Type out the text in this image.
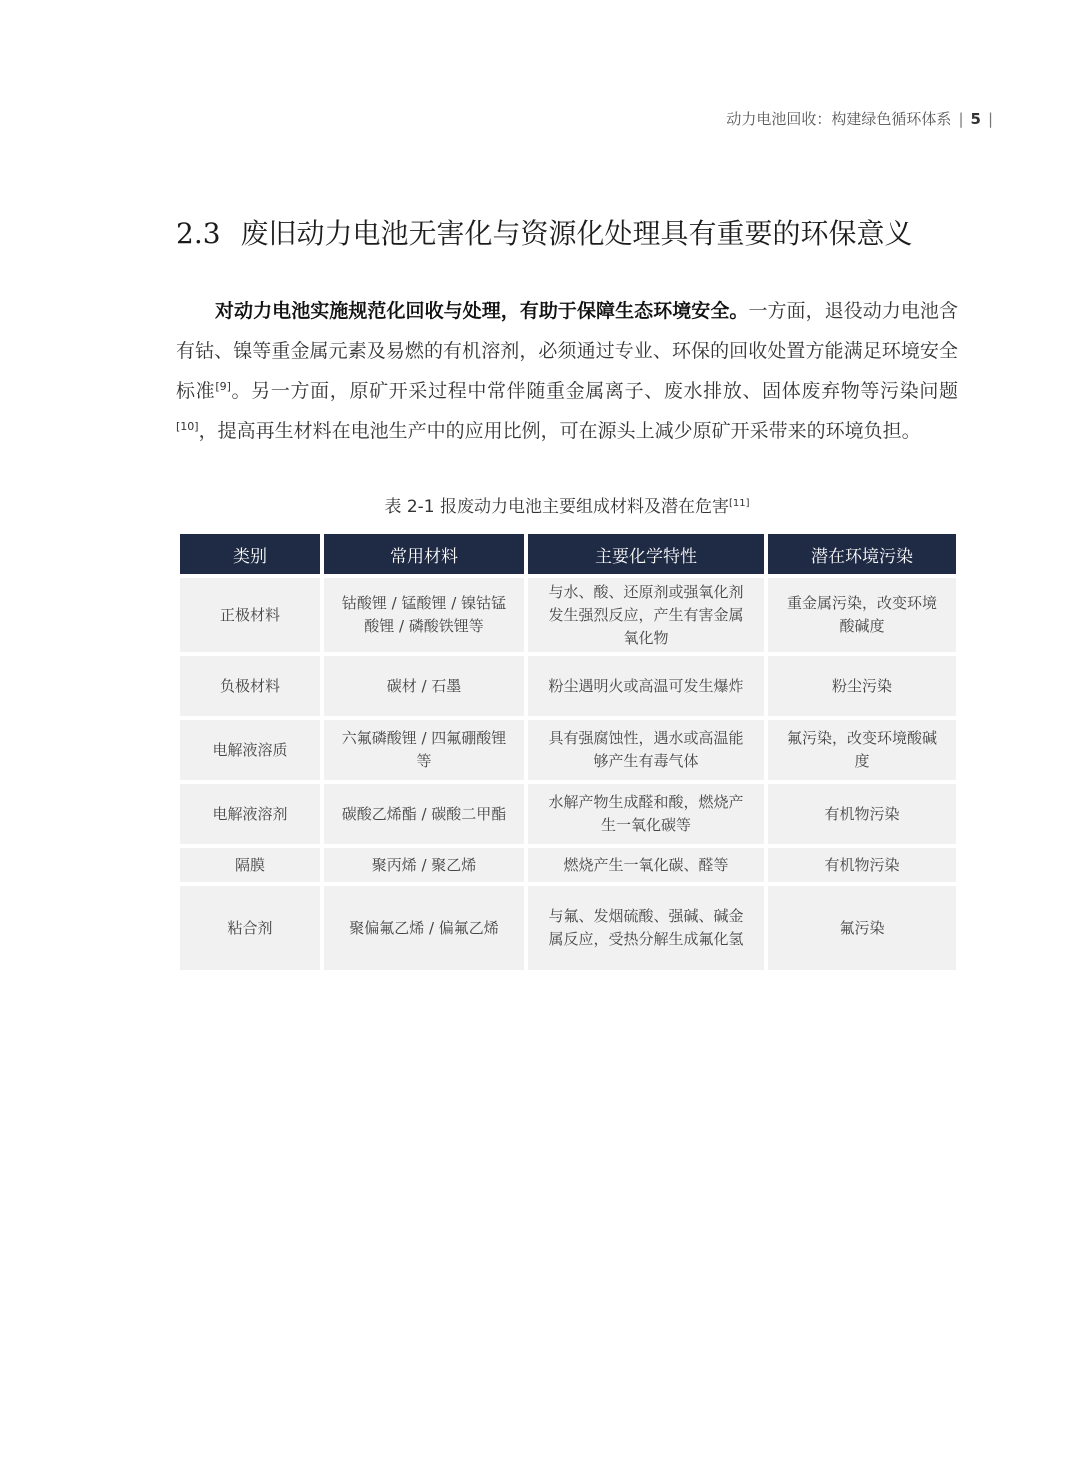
动力电池回收：构建绿色循环体系 | 5 |
2.3 废旧动力电池无害化与资源化处理具有重要的环保意义

对动力电池实施规范化回收与处理，有助于保障生态环境安全。一方面，退役动力电池含有钴、镍等重金属元素及易燃的有机溶剂，必须通过专业、环保的回收处置方能满足环境安全标准[9]。另一方面，原矿开采过程中常伴随重金属离子、废水排放、固体废弃物等污染问题[10]，提高再生材料在电池生产中的应用比例，可在源头上减少原矿开采带来的环境负担。

表 2-1 报废动力电池主要组成材料及潜在危害[11]
类别	常用材料	主要化学特性	潜在环境污染
正极材料	钴酸锂 / 锰酸锂 / 镍钴锰酸锂 / 磷酸铁锂等	与水、酸、还原剂或强氧化剂发生强烈反应，产生有害金属氧化物	重金属污染，改变环境酸碱度
负极材料	碳材 / 石墨	粉尘遇明火或高温可发生爆炸	粉尘污染
电解液溶质	六氟磷酸锂 / 四氟硼酸锂等	具有强腐蚀性，遇水或高温能够产生有毒气体	氟污染，改变环境酸碱度
电解液溶剂	碳酸乙烯酯 / 碳酸二甲酯	水解产物生成醛和酸，燃烧产生一氧化碳等	有机物污染
隔膜	聚丙烯 / 聚乙烯	燃烧产生一氧化碳、醛等	有机物污染
粘合剂	聚偏氟乙烯 / 偏氟乙烯	与氟、发烟硫酸、强碱、碱金属反应，受热分解生成氟化氢	氟污染
